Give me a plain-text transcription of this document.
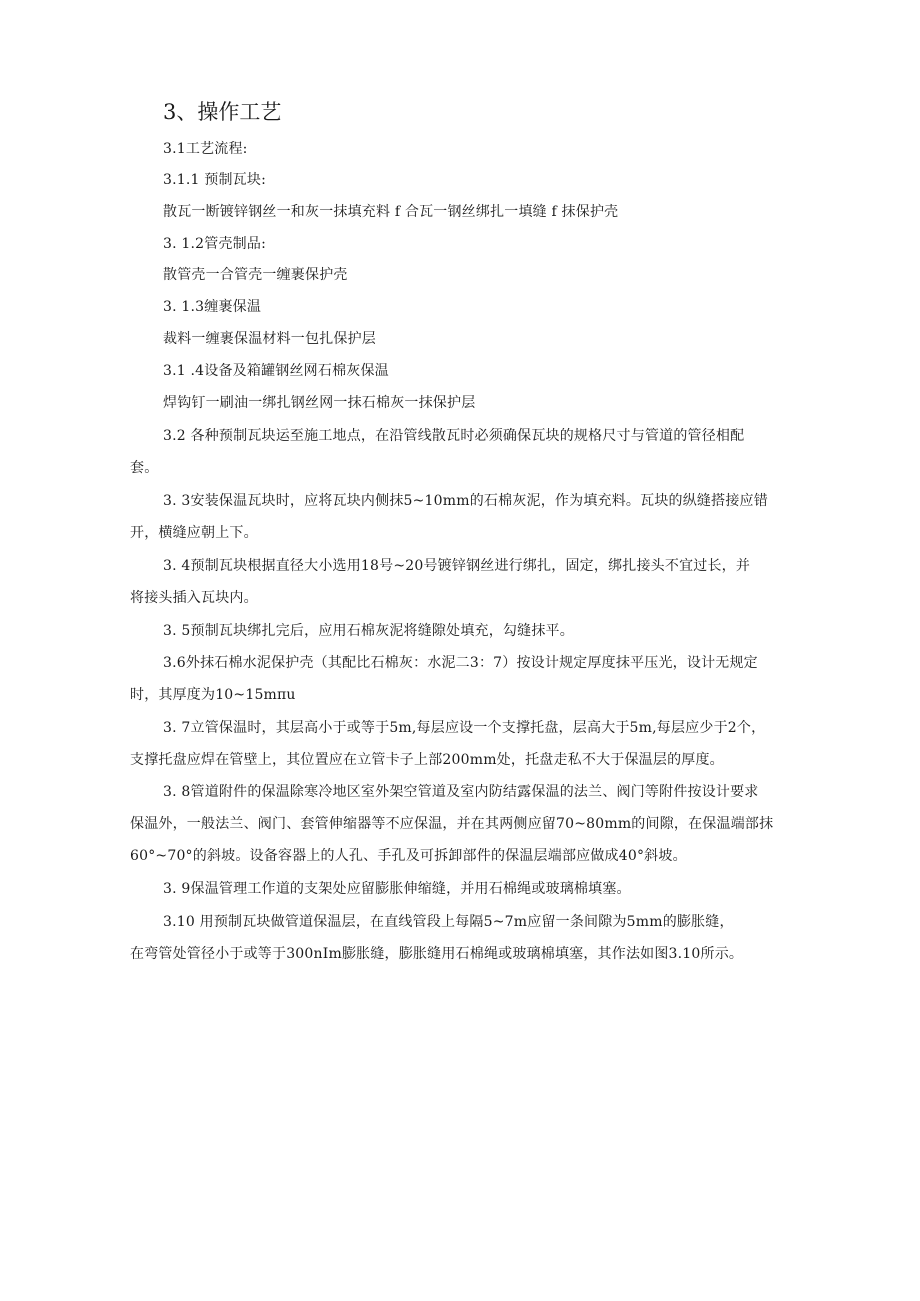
3、操作工艺
3.1工艺流程:
3.1.1 预制瓦块:
散瓦一断镀锌钢丝一和灰一抹填充料 f 合瓦一钢丝绑扎一填缝 f 抹保护壳
3. 1.2管壳制品:
散管壳一合管壳一缠裹保护壳
3. 1.3缠裹保温
裁料一缠裹保温材料一包扎保护层
3.1 .4设备及箱罐钢丝网石棉灰保温
焊钩钉一刷油一绑扎钢丝网一抹石棉灰一抹保护层
3.2 各种预制瓦块运至施工地点，在沿管线散瓦时必须确保瓦块的规格尺寸与管道的管径相配
套。
3. 3安装保温瓦块时，应将瓦块内侧抹5~10mm的石棉灰泥，作为填充料。瓦块的纵缝搭接应错
开，横缝应朝上下。
3. 4预制瓦块根据直径大小选用18号~20号镀锌钢丝进行绑扎，固定，绑扎接头不宜过长，并
将接头插入瓦块内。
3. 5预制瓦块绑扎完后，应用石棉灰泥将缝隙处填充，勾缝抹平。
3.6外抹石棉水泥保护壳（其配比石棉灰：水泥二3：7）按设计规定厚度抹平压光，设计无规定
时，其厚度为10~15mπu
3. 7立管保温时，其层高小于或等于5m,每层应设一个支撑托盘，层高大于5m,每层应少于2个，
支撑托盘应焊在管壁上，其位置应在立管卡子上部200mm处，托盘走私不大于保温层的厚度。
3. 8管道附件的保温除寒冷地区室外架空管道及室内防结露保温的法兰、阀门等附件按设计要求
保温外，一般法兰、阀门、套管伸缩器等不应保温，并在其两侧应留70~80mm的间隙，在保温端部抹
60°~70°的斜坡。设备容器上的人孔、手孔及可拆卸部件的保温层端部应做成40°斜坡。
3. 9保温管理工作道的支架处应留膨胀伸缩缝，并用石棉绳或玻璃棉填塞。
3.10 用预制瓦块做管道保温层，在直线管段上每隔5~7m应留一条间隙为5mm的膨胀缝，
在弯管处管径小于或等于300nIm膨胀缝，膨胀缝用石棉绳或玻璃棉填塞，其作法如图3.10所示。
